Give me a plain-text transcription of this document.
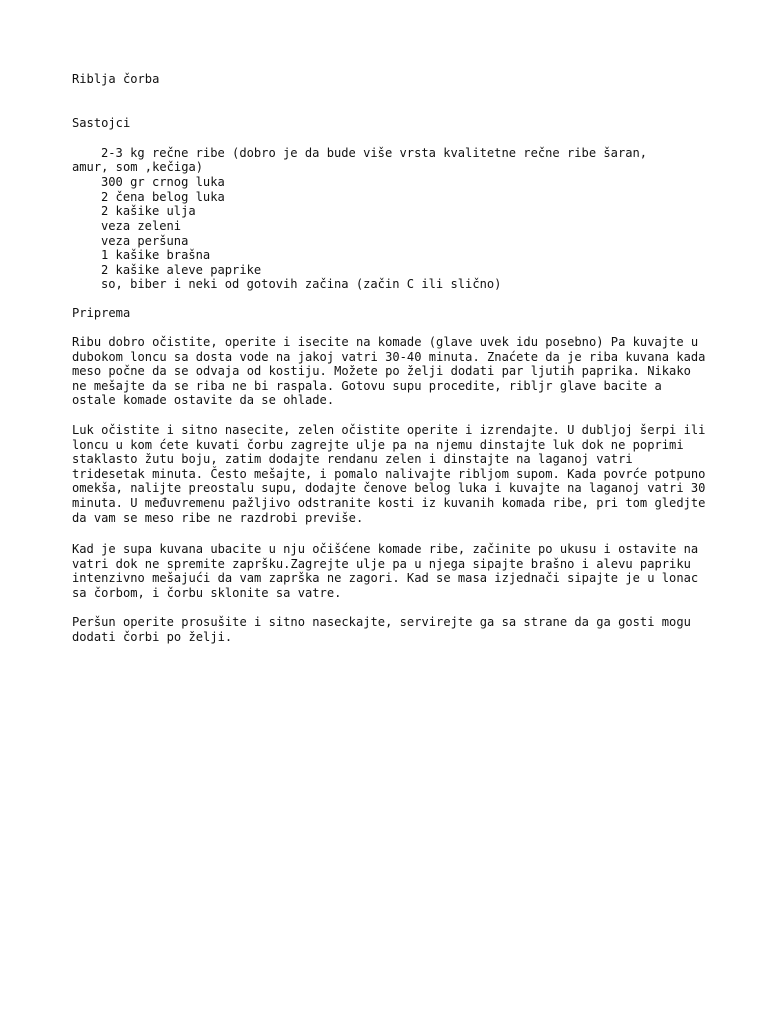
Riblja čorba
Sastojci
2-3 kg rečne ribe (dobro je da bude više vrsta kvalitetne rečne ribe šaran,
amur, som ,kečiga)
300 gr crnog luka
2 čena belog luka
2 kašike ulja
veza zeleni
veza peršuna
1 kašike brašna
2 kašike aleve paprike
so, biber i neki od gotovih začina (začin C ili slično)
Priprema
Ribu dobro očistite, operite i isecite na komade (glave uvek idu posebno) Pa kuvajte u dubokom loncu sa dosta vode na jakoj vatri 30-40 minuta. Znaćete da je riba kuvana kada meso počne da se odvaja od kostiju. Možete po želji dodati par ljutih paprika. Nikako ne mešajte da se riba ne bi raspala. Gotovu supu procedite, ribljr glave bacite a ostale komade ostavite da se ohlade.
Luk očistite i sitno nasecite, zelen očistite operite i izrendajte. U dubljoj šerpi ili loncu u kom ćete kuvati čorbu zagrejte ulje pa na njemu dinstajte luk dok ne poprimi staklasto žutu boju, zatim dodajte rendanu zelen i dinstajte na laganoj vatri tridesetak minuta. Često mešajte, i pomalo nalivajte ribljom supom. Kada povrće potpuno omekša, nalijte preostalu supu, dodajte čenove belog luka i kuvajte na laganoj vatri 30 minuta. U međuvremenu pažljivo odstranite kosti iz kuvanih komada ribe, pri tom gledjte da vam se meso ribe ne razdrobi previše.
Kad je supa kuvana ubacite u nju očišćene komade ribe, začinite po ukusu i ostavite na vatri dok ne spremite zapršku.Zagrejte ulje pa u njega sipajte brašno i alevu papriku intenzivno mešajući da vam zaprška ne zagori. Kad se masa izjednači sipajte je u lonac sa čorbom, i čorbu sklonite sa vatre.
Peršun operite prosušite i sitno naseckajte, servirejte ga sa strane da ga gosti mogu dodati čorbi po želji.
